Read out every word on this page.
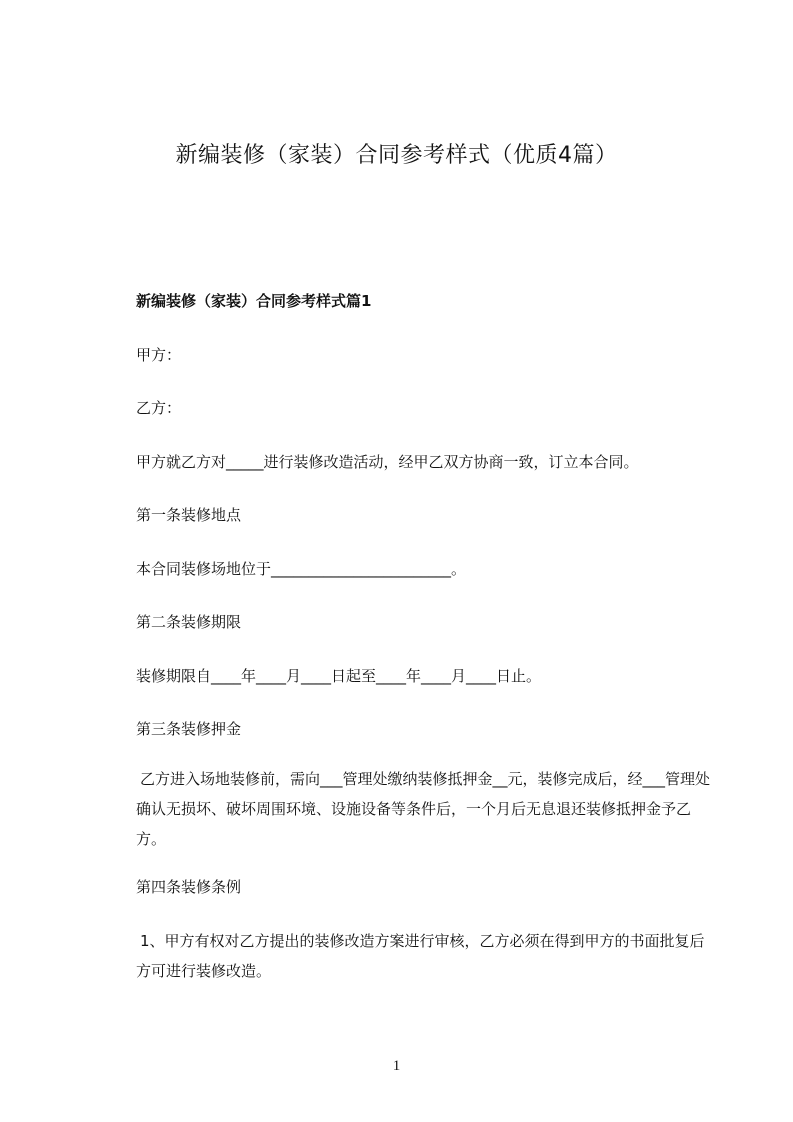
新编装修（家装）合同参考样式（优质4篇）

新编装修（家装）合同参考样式篇1

甲方：

乙方：

甲方就乙方对_____进行装修改造活动，经甲乙双方协商一致，订立本合同。

第一条装修地点

本合同装修场地位于________________________。

第二条装修期限

装修期限自____年____月____日起至____年____月____日止。

第三条装修押金

乙方进入场地装修前，需向___管理处缴纳装修抵押金__元，装修完成后，经___管理处确认无损坏、破坏周围环境、设施设备等条件后，一个月后无息退还装修抵押金予乙方。

第四条装修条例

1、甲方有权对乙方提出的装修改造方案进行审核，乙方必须在得到甲方的书面批复后方可进行装修改造。

1
